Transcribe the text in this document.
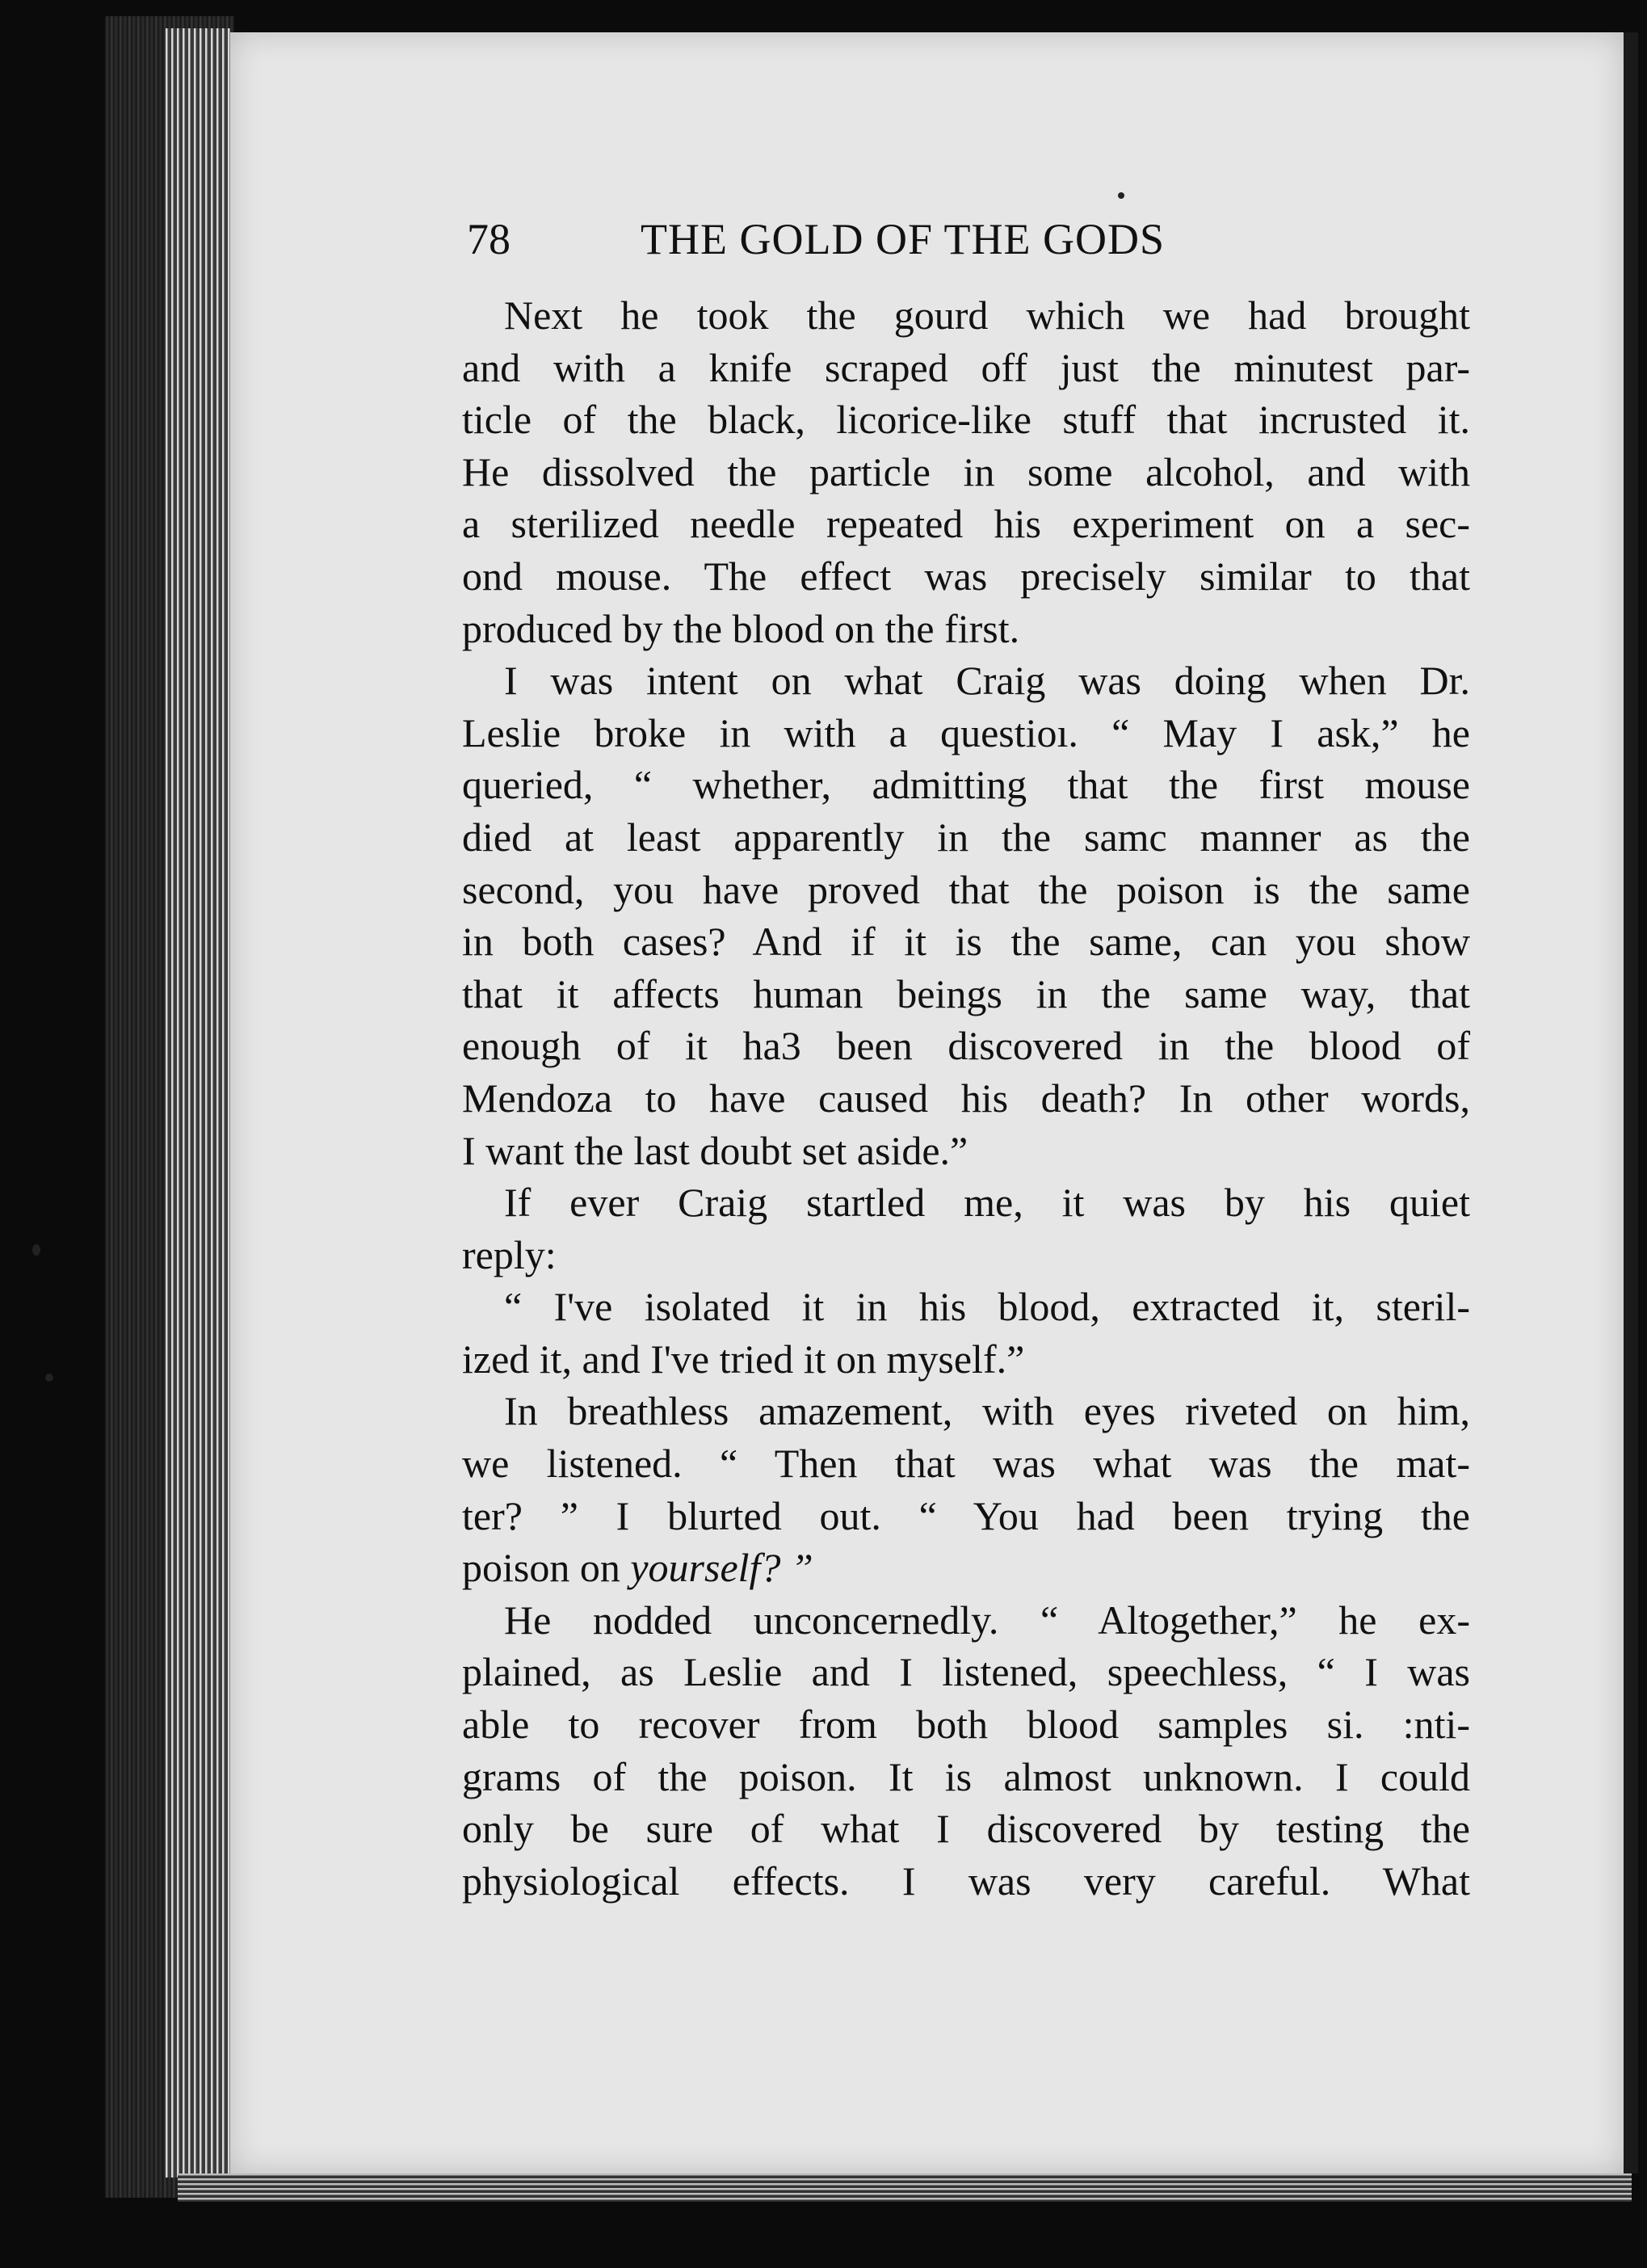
78	THE GOLD OF THE GODS
Next he took the gourd which we had brought
and with a knife scraped off just the minutest par-
ticle of the black, licorice-like stuff that incrusted it.
He dissolved the particle in some alcohol, and with
a sterilized needle repeated his experiment on a sec-
ond mouse. The effect was precisely similar to that
produced by the blood on the first.
I was intent on what Craig was doing when Dr.
Leslie broke in with a questioı. “ May I ask,” he
queried, “ whether, admitting that the first mouse
died at least apparently in the samc manner as the
second, you have proved that the poison is the same
in both cases? And if it is the same, can you show
that it affects human beings in the same way, that
enough of it ha3 been discovered in the blood of
Mendoza to have caused his death? In other words,
I want the last doubt set aside.”
If ever Craig startled me, it was by his quiet
reply:
“ I've isolated it in his blood, extracted it, steril-
ized it, and I've tried it on myself.”
In breathless amazement, with eyes riveted on him,
we listened. “ Then that was what was the mat-
ter? ” I blurted out. “ You had been trying the
poison on yourself? ”
He nodded unconcernedly. “ Altogether,” he ex-
plained, as Leslie and I listened, speechless, “ I was
able to recover from both blood samples si. :nti-
grams of the poison. It is almost unknown. I could
only be sure of what I discovered by testing the
physiological effects. I was very careful. What
